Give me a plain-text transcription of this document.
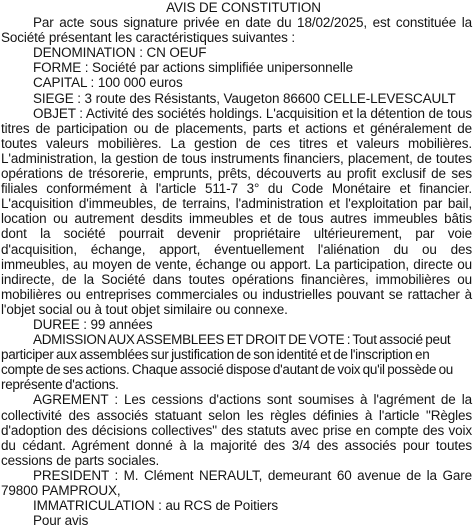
AVIS DE CONSTITUTION

Par acte sous signature privée en date du 18/02/2025, est constituée la Société présentant les caractéristiques suivantes :

DENOMINATION : CN OEUF

FORME : Société par actions simplifiée unipersonnelle

CAPITAL : 100 000 euros

SIEGE : 3 route des Résistants, Vaugeton 86600 CELLE-LEVESCAULT

OBJET : Activité des sociétés holdings. L'acquisition et la détention de tous titres de participation ou de placements, parts et actions et généralement de toutes valeurs mobilières. La gestion de ces titres et valeurs mobilières. L'administration, la gestion de tous instruments financiers, placement, de toutes opérations de trésorerie, emprunts, prêts, découverts au profit exclusif de ses filiales conformément à l'article 511-7 3° du Code Monétaire et financier. L'acquisition d'immeubles, de terrains, l'administration et l'exploitation par bail, location ou autrement desdits immeubles et de tous autres immeubles bâtis dont la société pourrait devenir propriétaire ultérieurement, par voie d'acquisition, échange, apport, éventuellement l'aliénation du ou des immeubles, au moyen de vente, échange ou apport. La participation, directe ou indirecte, de la Société dans toutes opérations financières, immobilières ou mobilières ou entreprises commerciales ou industrielles pouvant se rattacher à l'objet social ou à tout objet similaire ou connexe.

DUREE : 99 années

ADMISSION AUX ASSEMBLEES ET DROIT DE VOTE : Tout associé peut participer aux assemblées sur justification de son identité et de l'inscription en compte de ses actions. Chaque associé dispose d'autant de voix qu'il possède ou représente d'actions.

AGREMENT : Les cessions d'actions sont soumises à l'agrément de la collectivité des associés statuant selon les règles définies à l'article "Règles d'adoption des décisions collectives" des statuts avec prise en compte des voix du cédant. Agrément donné à la majorité des 3/4 des associés pour toutes cessions de parts sociales.

PRESIDENT : M. Clément NERAULT, demeurant 60 avenue de la Gare 79800 PAMPROUX,

IMMATRICULATION : au RCS de Poitiers

Pour avis
